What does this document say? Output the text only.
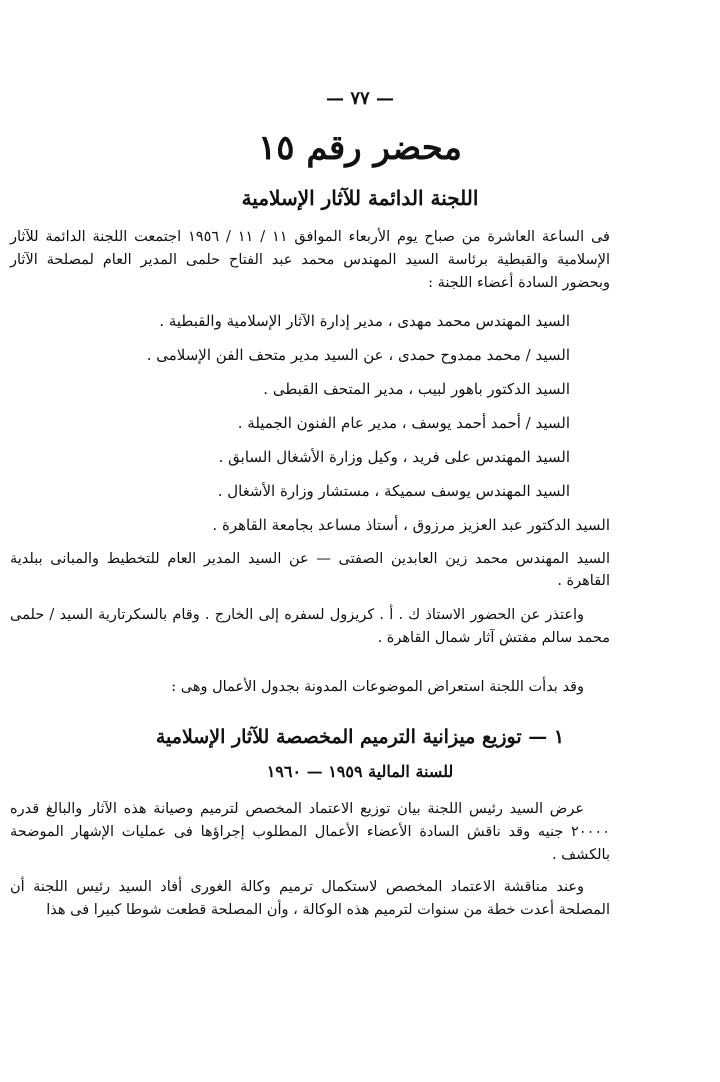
— ٧٧ —
محضر رقم ١٥
اللجنة الدائمة للآثار الإسلامية
فى الساعة العاشرة من صباح يوم الأربعاء الموافق ١١ / ١١ / ١٩٥٦ اجتمعت اللجنة الدائمة للآثار الإسلامية والقبطية برئاسة السيد المهندس محمد عبد الفتاح حلمى المدير العام لمصلحة الآثار وبحضور السادة أعضاء اللجنة :
السيد المهندس محمد مهدى ، مدير إدارة الآثار الإسلامية والقبطية .
السيد / محمد ممدوح حمدى ، عن السيد مدير متحف الفن الإسلامى .
السيد الدكتور باهور لبيب ، مدير المتحف القبطى .
السيد / أحمد أحمد يوسف ، مدير عام الفنون الجميلة .
السيد المهندس على فريد ، وكيل وزارة الأشغال السابق .
السيد المهندس يوسف سميكة ، مستشار وزارة الأشغال .
السيد الدكتور عبد العزيز مرزوق ، أستاذ مساعد بجامعة القاهرة .
السيد المهندس محمد زين العابدين الصفتى — عن السيد المدير العام للتخطيط والمبانى ببلدية القاهرة .
واعتذر عن الحضور الاستاذ ك . أ . كريزول لسفره إلى الخارج . وقام بالسكرتارية السيد / حلمى محمد سالم مفتش آثار شمال القاهرة .
وقد بدأت اللجنة استعراض الموضوعات المدونة بجدول الأعمال وهى :
١ — توزيع ميزانية الترميم المخصصة للآثار الإسلامية
للسنة المالية ١٩٥٩ — ١٩٦٠
عرض السيد رئيس اللجنة بيان توزيع الاعتماد المخصص لترميم وصيانة هذه الآثار والبالغ قدره ٢٠٠٠٠ جنيه وقد ناقش السادة الأعضاء الأعمال المطلوب إجراؤها فى عمليات الإشهار الموضحة بالكشف .
وعند مناقشة الاعتماد المخصص لاستكمال ترميم وكالة الغورى أفاد السيد رئيس اللجنة أن المصلحة أعدت خطة من سنوات لترميم هذه الوكالة ، وأن المصلحة قطعت شوطا كبيرا فى هذا
